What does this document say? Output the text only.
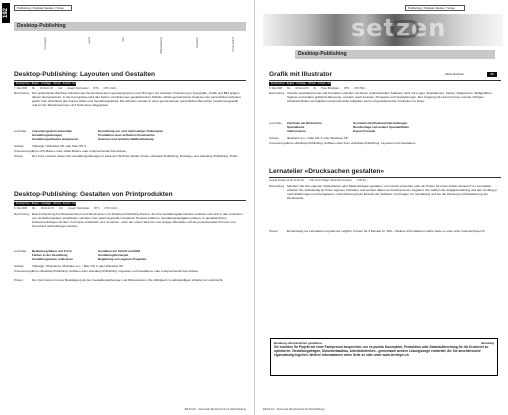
192	Publishing | Digitale Medien | Video
Desktop-Publishing
Grundlagen	Layout	Satz	Bildbearbeitung	Illustration	Druckvorstufe
Desktop-Publishing: Layouten und Gestalten
Kursnummer · Beginn · Kurstage · Uhrzeit · Kursort · Kursleitung · Gebühr
7. Mai 2008 Mi 18.00-21.15 13x Joseph Hochstetter BTS CHF 1'100.–
Beschreibung Der spielerische Wechsel zwischen der Anwendung des Layoutprogramms und Übungen zur visuellen Umsetzung in Typografie, Grafik und Bild prägen diesen Semesterkurs. In der Kursgruppe wird das Sehen und Erkennen gestalterischer Abläufe mittels gemeinsamer Analysen der persönlichen Arbeiten geübt. Den Abschluss des Kurses bildet eine Gestaltungsarbeit. Die Arbeiten werden in einer gemeinsamen persönlichen Besuchen zusammengestellt und an die Teilnehmerinnen und Teilnehmer abgegeben.
Lerninhalte	Layoutprogramm anwenden	Herstellung ein- und mehrseitiger Dokumente
Gestaltungsübungen	Produktion einer einfachen Drucksache
Gestaltungsarbeiten analysieren	Scannen und einfache Bildbearbeitung
Software	InDesign / Windows XP oder Mac OS X
Voraussetzungen
Kurs «PC-Basic» oder «Mac-Basic» oder entsprechende Kenntnisse.
Hinweis	Der Kurs umfasst neben den Gestaltungsübungen in etwa den Stoff der beiden Kurse «Desktop-Publishing: Einstieg» und «Desktop-Publishing: Profi».
Desktop-Publishing: Gestalten von Printprodukten
Kursnummer · Beginn · Kurstage · Uhrzeit · Kursort · Kursleitung · Gebühr
5. Mai 2008 Mo 18.00-21.15 13x Joseph Hochstetter BTS CHF 1'100.–
Beschreibung Eine Fortsetzung für Absolventinnen und Absolventen von Desktop-Publishing-Kursen, die ihre Gestaltungskenntnisse vertiefen und sich in das Umsetzen von Gestaltungsideen einarbeiten möchten. Der spannungsvollen kreativen Prozess erfahren, Gestaltungsaufgaben planen, in gestalterischen Zusammenhängen denken, Konzepte entwickeln und umsetzen. «Von der ersten Idee bis zum fertigen Resultat» soll als professioneller Prozess von Grund auf nachvollzogen werden.
Lerninhalte	Bedeutung Raum und Form	Gestalten mit Schrift und Bild
Farben in der Gestaltung	Gestaltungskonzepte
Gestaltungsideen realisieren	Begleitung von eigenen Projekten
Software	InDesign, Photoshop, Illustrator a.o. / Mac OS X oder Windows XP
Voraussetzungen
Kurs «Desktop-Publishing: Aufbau» oder «Desktop-Publishing: Layouten und Gestalten» oder entsprechende Kenntnisse.
Hinweis	Der Kurs leitet mit einer Bestätigung ab den Gestaltungsübungen und Diskussionen. Die Fähigkeit zu selbständigem Arbeiten ist erwünscht.
EB Zürich · Kantonale Berufsschule für Weiterbildung
setzen
Publishing | Digitale Medien | Video
Desktop-Publishing
Grafik mit Illustrator	Adobe Illustrator	AI
Kursnummer · Beginn · Kurstage · Uhrzeit · Kursort · Kursleitung · Gebühr
8. Mai 2008 Do 18.00-21.30 8x Peter Bräutigam BTS CHF 560.–
Beschreibung Visuelle Gestaltelemente und Gestalten erstellen mit dieser professionellen Software nicht nur Logos, Illustrationen, Karten, Diagramme, Weltgrafiken, Signete und andere grafische Elemente, sondern auch Inserate, Prospekte und Verpackungen. Der Umgang mit Linien-Kurven und die richtigen Arbeitstechniken ermöglichen anspruchsvolle Aufgaben auch mit gestalterischen Freiheiten zu lösen.
Lerninhalte	Zeichnen am Bildschirm	Geometrische/freehand Darstellungen
Spezialtexte	Rundverläge und andere Spezialeffekte
Vektorisieren	Export-Formate
Software	Illustrator a.o. / Mac OS X oder Windows XP
Voraussetzungen
Kurs «Desktop-Publishing: Aufbau» oder Kurs «Desktop-Publishing: Layouten und Gestalten».
Lernatelier «Drucksachen gestalten»
Jeweils Freitag 14.00-17.00 Uhr Fritz Franz-Hügel / Erika Zimmermann CHF 80.–
Beschreibung Möchten Sie Ihre eigenen Visitenkarten oder Mailunterlagen gestalten, ein Inserat entwerfen oder ein Poster für einen Anlass kreieren? Im Lernatelier arbeiten Sie selbständig an Ihrem eigenen Vorhaben und werden dabei von Fachpersonen begleitet. Sie wählen die Aufgabenstellung und den Umfang je nach Erfahrungen und Fertigkeiten. Unterstützung beim Einsatz der Software, bei Fragen zur Gestaltung und bei der Planung und Realisierung der Drucksache.
Hinweis	Ein Einstieg ins Lernatelier ist jederzeit möglich. Kosten für 3 Monate Fr. 200.– Weitere Informationen siehe Seite xx oder unter www.lernfoyer.ch
EB Zürich · Kantonale Berufsschule für Weiterbildung
Beratung «Drucksachen gestalten»	Beratung
Sie möchten Ihr Projekt mit einer Fachperson besprechen, um es punkto Konzeption, Produktion oder Datenaufbereitung für die Druckerei zu optimieren. Gestaltungsfragen, Dokumentaufbau, Arbeitstechniken - gemeinsam werden Lösungswege erarbeitet, die Sie anschliessend eigenständig begehen. Weitere Informationen siehe Seite xx oder unter www.lernfoyer.ch
